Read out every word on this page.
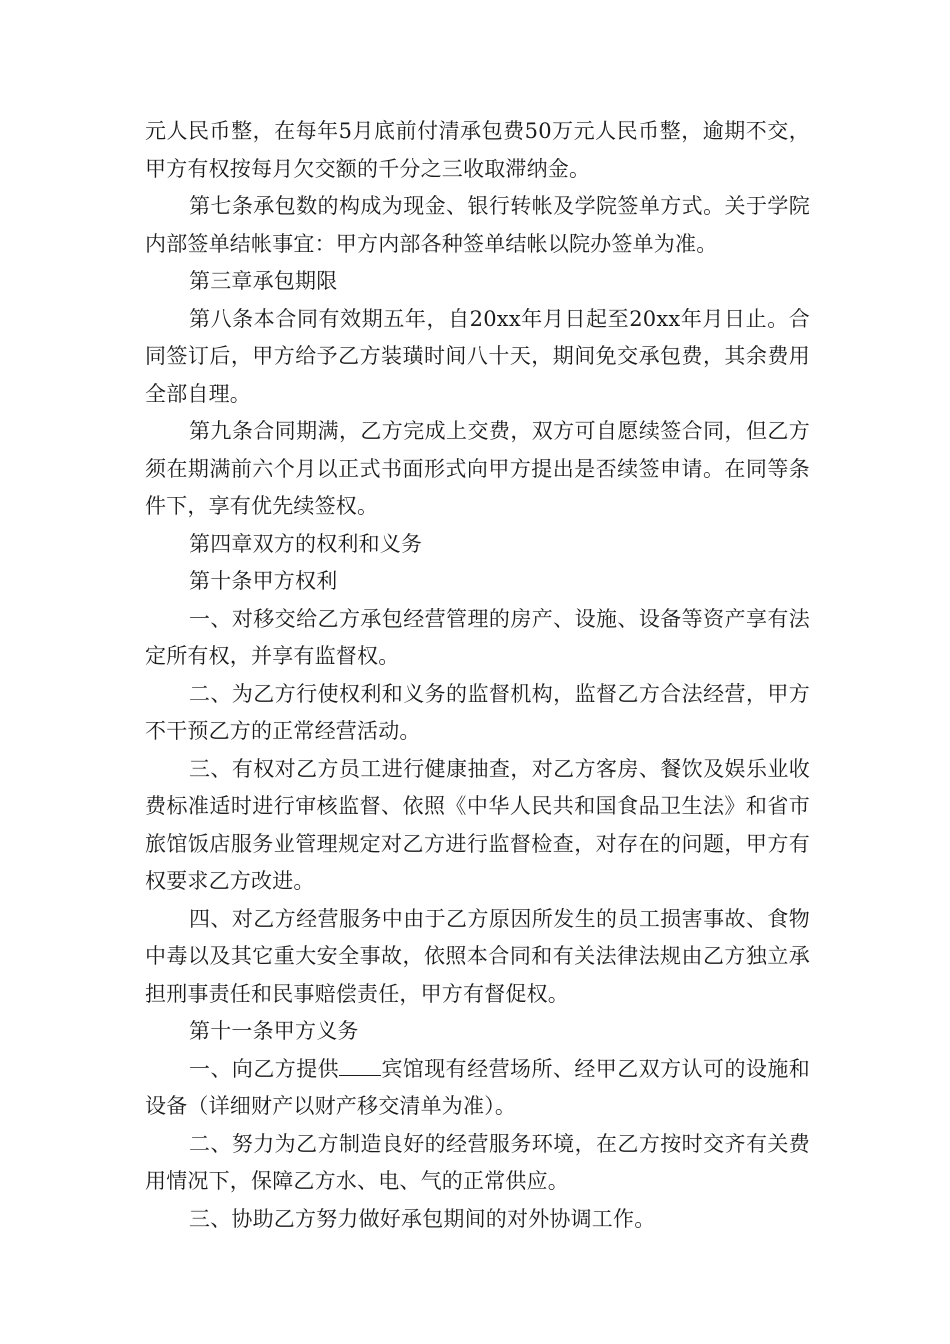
元人民币整，在每年5月底前付清承包费50万元人民币整，逾期不交，甲方有权按每月欠交额的千分之三收取滞纳金。

第七条承包数的构成为现金、银行转帐及学院签单方式。关于学院内部签单结帐事宜：甲方内部各种签单结帐以院办签单为准。

第三章承包期限

第八条本合同有效期五年，自20xx年月日起至20xx年月日止。合同签订后，甲方给予乙方装璜时间八十天，期间免交承包费，其余费用全部自理。

第九条合同期满，乙方完成上交费，双方可自愿续签合同，但乙方须在期满前六个月以正式书面形式向甲方提出是否续签申请。在同等条件下，享有优先续签权。

第四章双方的权利和义务

第十条甲方权利

一、对移交给乙方承包经营管理的房产、设施、设备等资产享有法定所有权，并享有监督权。

二、为乙方行使权利和义务的监督机构，监督乙方合法经营，甲方不干预乙方的正常经营活动。

三、有权对乙方员工进行健康抽查，对乙方客房、餐饮及娱乐业收费标准适时进行审核监督、依照《中华人民共和国食品卫生法》和省市旅馆饭店服务业管理规定对乙方进行监督检查，对存在的问题，甲方有权要求乙方改进。

四、对乙方经营服务中由于乙方原因所发生的员工损害事故、食物中毒以及其它重大安全事故，依照本合同和有关法律法规由乙方独立承担刑事责任和民事赔偿责任，甲方有督促权。

第十一条甲方义务

一、向乙方提供 宾馆现有经营场所、经甲乙双方认可的设施和设备（详细财产以财产移交清单为准）。

二、努力为乙方制造良好的经营服务环境，在乙方按时交齐有关费用情况下，保障乙方水、电、气的正常供应。

三、协助乙方努力做好承包期间的对外协调工作。
